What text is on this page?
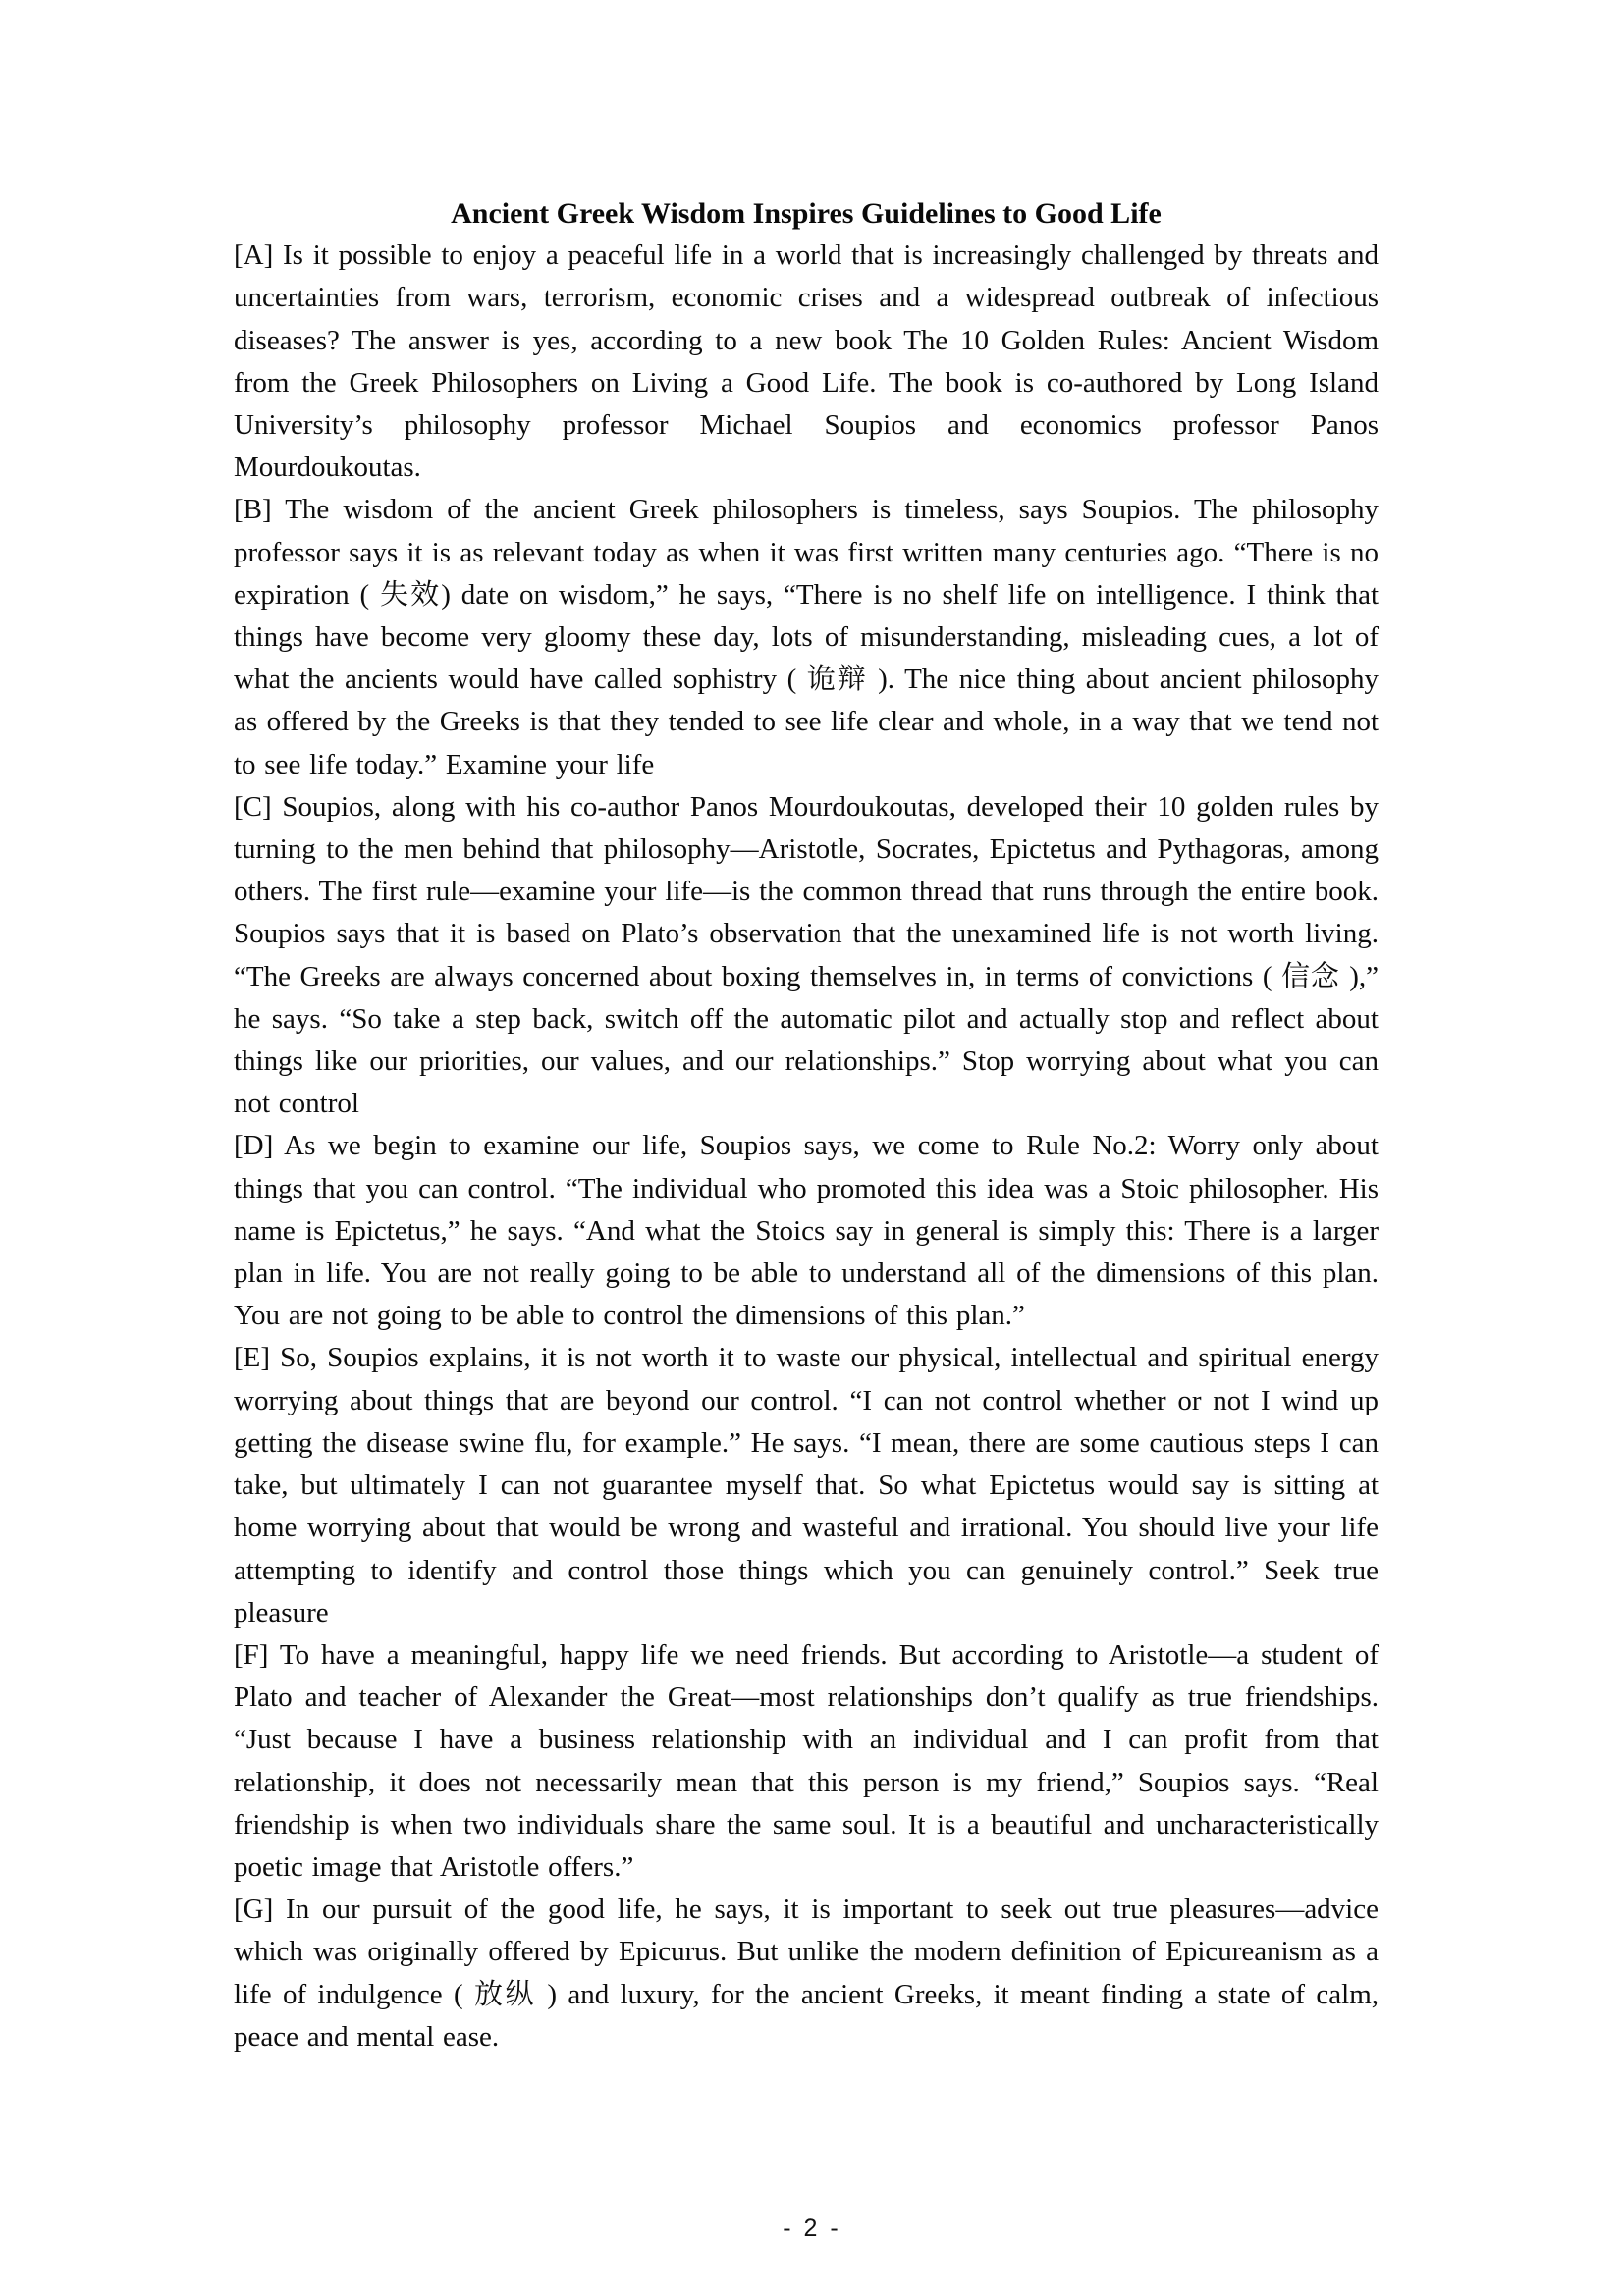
Ancient Greek Wisdom Inspires Guidelines to Good Life

[A] Is it possible to enjoy a peaceful life in a world that is increasingly challenged by threats and uncertainties from wars, terrorism, economic crises and a widespread outbreak of infectious diseases? The answer is yes, according to a new book The 10 Golden Rules: Ancient Wisdom from the Greek Philosophers on Living a Good Life. The book is co-authored by Long Island University’s philosophy professor Michael Soupios and economics professor Panos Mourdoukoutas.

[B] The wisdom of the ancient Greek philosophers is timeless, says Soupios. The philosophy professor says it is as relevant today as when it was first written many centuries ago. “There is no expiration ( 失效) date on wisdom,” he says, “There is no shelf life on intelligence. I think that things have become very gloomy these day, lots of misunderstanding, misleading cues, a lot of what the ancients would have called sophistry ( 诡辩 ). The nice thing about ancient philosophy as offered by the Greeks is that they tended to see life clear and whole, in a way that we tend not to see life today.” Examine your life

[C] Soupios, along with his co-author Panos Mourdoukoutas, developed their 10 golden rules by turning to the men behind that philosophy—Aristotle, Socrates, Epictetus and Pythagoras, among others. The first rule—examine your life—is the common thread that runs through the entire book. Soupios says that it is based on Plato’s observation that the unexamined life is not worth living. “The Greeks are always concerned about boxing themselves in, in terms of convictions ( 信念 ),” he says. “So take a step back, switch off the automatic pilot and actually stop and reflect about things like our priorities, our values, and our relationships.” Stop worrying about what you can not control

[D] As we begin to examine our life, Soupios says, we come to Rule No.2: Worry only about things that you can control. “The individual who promoted this idea was a Stoic philosopher. His name is Epictetus,” he says. “And what the Stoics say in general is simply this: There is a larger plan in life. You are not really going to be able to understand all of the dimensions of this plan. You are not going to be able to control the dimensions of this plan.”

[E] So, Soupios explains, it is not worth it to waste our physical, intellectual and spiritual energy worrying about things that are beyond our control. “I can not control whether or not I wind up getting the disease swine flu, for example.” He says. “I mean, there are some cautious steps I can take, but ultimately I can not guarantee myself that. So what Epictetus would say is sitting at home worrying about that would be wrong and wasteful and irrational. You should live your life attempting to identify and control those things which you can genuinely control.” Seek true pleasure

[F] To have a meaningful, happy life we need friends. But according to Aristotle—a student of Plato and teacher of Alexander the Great—most relationships don’t qualify as true friendships. “Just because I have a business relationship with an individual and I can profit from that relationship, it does not necessarily mean that this person is my friend,” Soupios says. “Real friendship is when two individuals share the same soul. It is a beautiful and uncharacteristically poetic image that Aristotle offers.”

[G] In our pursuit of the good life, he says, it is important to seek out true pleasures—advice which was originally offered by Epicurus. But unlike the modern definition of Epicureanism as a life of indulgence ( 放纵 ) and luxury, for the ancient Greeks, it meant finding a state of calm, peace and mental ease.

- 2 -
